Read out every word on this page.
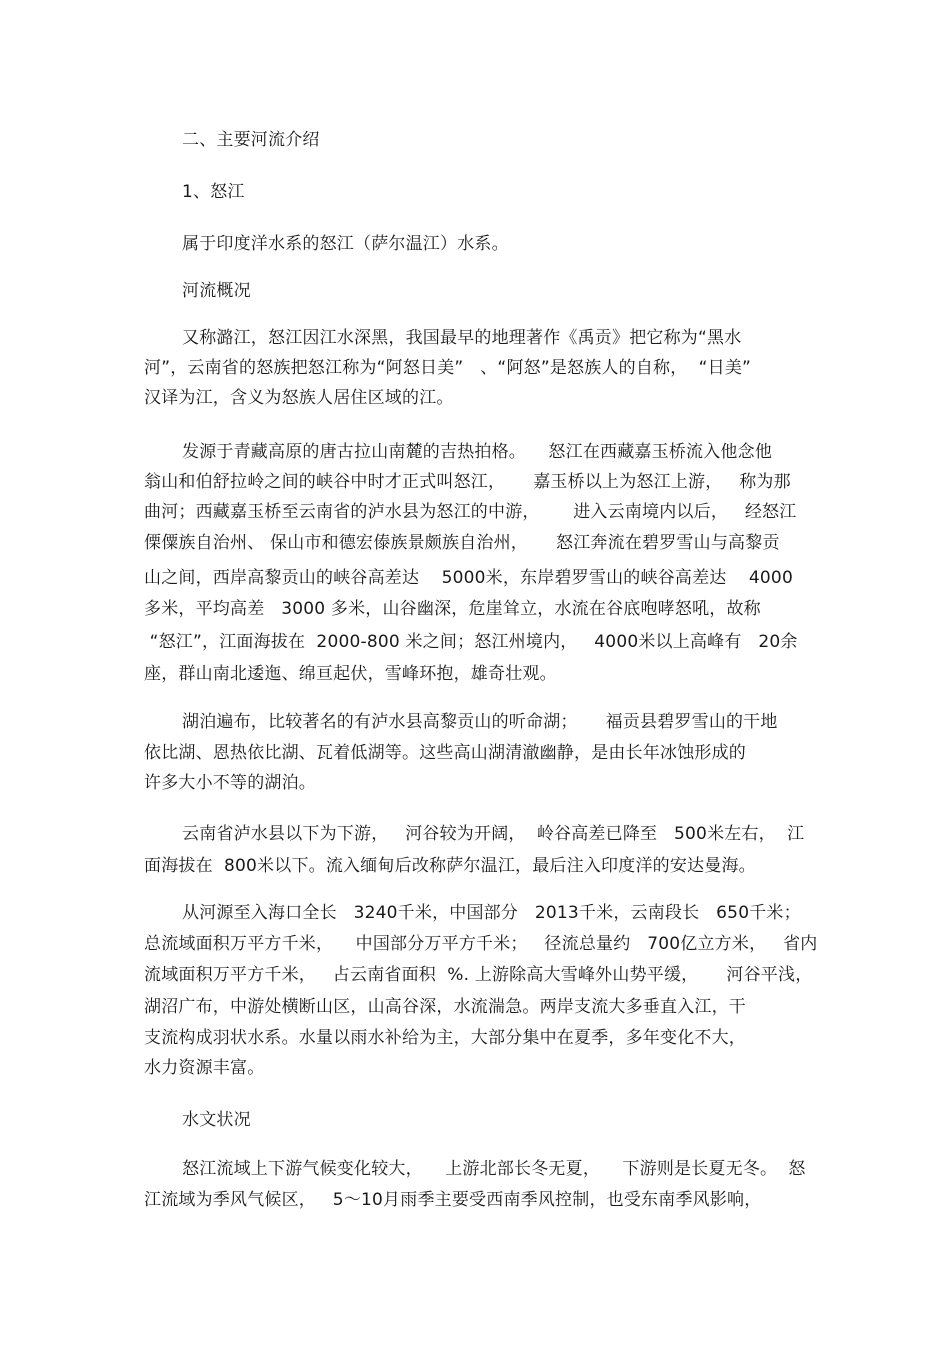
二、主要河流介绍
1、怒江
属于印度洋水系的怒江（萨尔温江）水系。
河流概况
又称潞江，怒江因江水深黑，我国最早的地理著作《禹贡》把它称为“黑水
河”，云南省的怒族把怒江称为“阿怒日美”   、“阿怒”是怒族人的自称，  “日美”
汉译为江，含义为怒族人居住区域的江。
发源于青藏高原的唐古拉山南麓的吉热拍格。    怒江在西藏嘉玉桥流入他念他
翁山和伯舒拉岭之间的峡谷中时才正式叫怒江，     嘉玉桥以上为怒江上游，   称为那
曲河；西藏嘉玉桥至云南省的泸水县为怒江的中游，      进入云南境内以后，   经怒江
傈僳族自治州、 保山市和德宏傣族景颇族自治州，     怒江奔流在碧罗雪山与高黎贡
山之间，西岸高黎贡山的峡谷高差达    5000米，东岸碧罗雪山的峡谷高差达    4000
多米，平均高差   3000 多米，山谷幽深，危崖耸立，水流在谷底咆哮怒吼，故称
“怒江”，江面海拔在  2000-800 米之间；怒江州境内，   4000米以上高峰有   20余
座，群山南北逶迤、绵亘起伏，雪峰环抱，雄奇壮观。
湖泊遍布，比较著名的有泸水县高黎贡山的听命湖；     福贡县碧罗雪山的干地
依比湖、恩热依比湖、瓦着低湖等。这些高山湖清澈幽静，是由长年冰蚀形成的
许多大小不等的湖泊。
云南省泸水县以下为下游，   河谷较为开阔，  岭谷高差已降至   500米左右，  江
面海拔在  800米以下。流入缅甸后改称萨尔温江，最后注入印度洋的安达曼海。
从河源至入海口全长   3240千米，中国部分   2013千米，云南段长   650千米；
总流域面积万平方千米，    中国部分万平方千米；   径流总量约   700亿立方米，   省内
流域面积万平方千米，   占云南省面积  %. 上游除高大雪峰外山势平缓，     河谷平浅，
湖沼广布，中游处横断山区，山高谷深，水流湍急。两岸支流大多垂直入江，干
支流构成羽状水系。水量以雨水补给为主，大部分集中在夏季，多年变化不大，
水力资源丰富。
水文状况
怒江流域上下游气候变化较大，    上游北部长冬无夏，    下游则是长夏无冬。  怒
江流域为季风气候区，   5～10月雨季主要受西南季风控制，也受东南季风影响，
